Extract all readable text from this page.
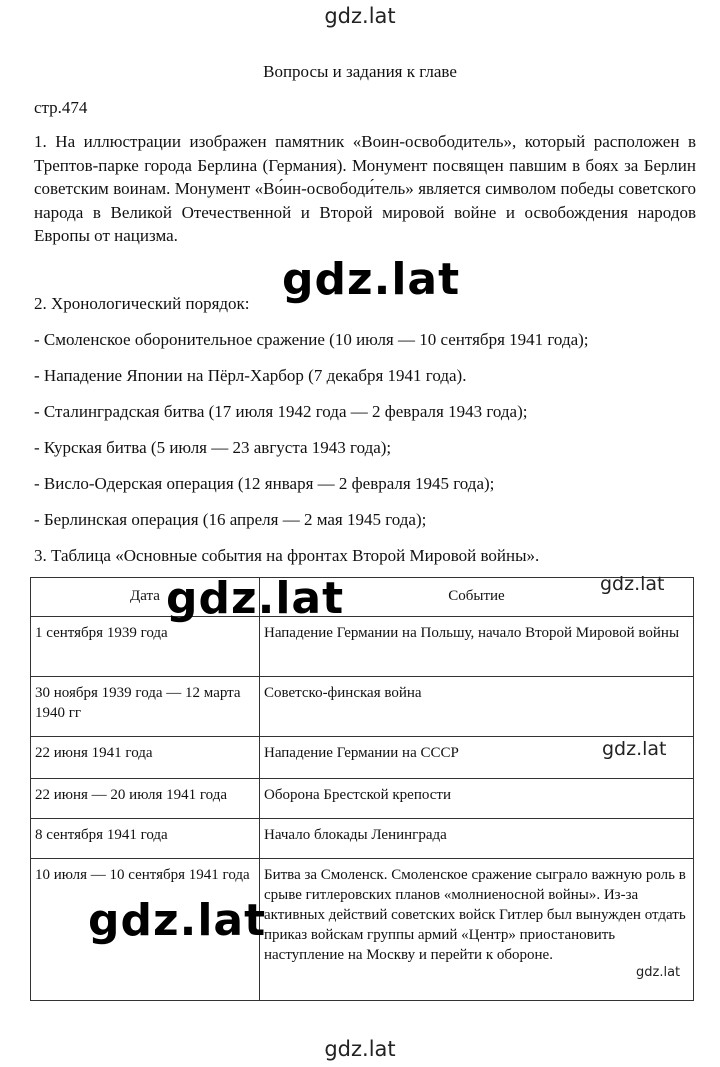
gdz.lat
Вопросы и задания к главе
стр.474
1. На иллюстрации изображен памятник «Воин-освободитель», который расположен в Трептов-парке города Берлина (Германия). Монумент посвящен павшим в боях за Берлин советским воинам. Монумент «Во́ин-освободи́тель» является символом победы советского народа в Великой Отечественной и Второй мировой войне и освобождения народов Европы от нацизма.
2. Хронологический порядок:
- Смоленское оборонительное сражение (10 июля — 10 сентября 1941 года);
- Нападение Японии на Пёрл-Харбор (7 декабря 1941 года).
- Сталинградская битва (17 июля 1942 года — 2 февраля 1943 года);
- Курская битва (5 июля — 23 августа 1943 года);
- Висло-Одерская операция (12 января — 2 февраля 1945 года);
- Берлинская операция (16 апреля — 2 мая 1945 года);
3. Таблица «Основные события на фронтах Второй Мировой войны».
Дата	Событие
1 сентября 1939 года	Нападение Германии на Польшу, начало Второй Мировой войны
30 ноября 1939 года — 12 марта 1940 гг	Советско-финская война
22 июня 1941 года	Нападение Германии на СССР
22 июня — 20 июля 1941 года	Оборона Брестской крепости
8 сентября 1941 года	Начало блокады Ленинграда
10 июля — 10 сентября 1941 года	Битва за Смоленск. Смоленское сражение сыграло важную роль в срыве гитлеровских планов «молниеносной войны». Из-за активных действий советских войск Гитлер был вынужден отдать приказ войскам группы армий «Центр» приостановить наступление на Москву и перейти к обороне.
gdz.lat
gdz.lat
gdz.lat
gdz.lat
gdz.lat
gdz.lat
gdz.lat
